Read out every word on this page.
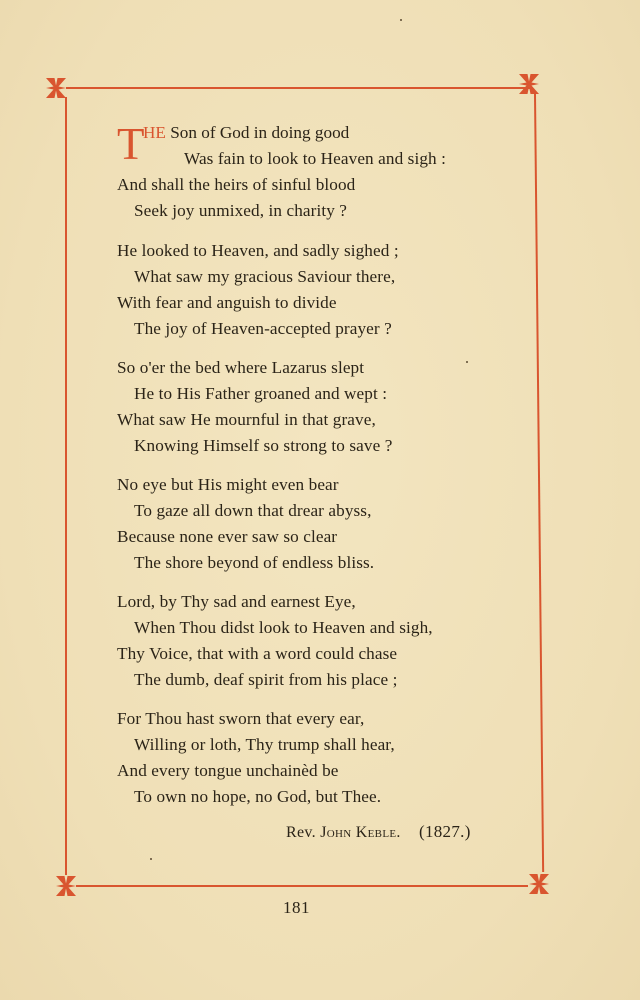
T
HE Son of God in doing good
Was fain to look to Heaven and sigh :
And shall the heirs of sinful blood
Seek joy unmixed, in charity ?
He looked to Heaven, and sadly sighed ;
What saw my gracious Saviour there,
With fear and anguish to divide
The joy of Heaven-accepted prayer ?
So o'er the bed where Lazarus slept
He to His Father groaned and wept :
What saw He mournful in that grave,
Knowing Himself so strong to save ?
No eye but His might even bear
To gaze all down that drear abyss,
Because none ever saw so clear
The shore beyond of endless bliss.
Lord, by Thy sad and earnest Eye,
When Thou didst look to Heaven and sigh,
Thy Voice, that with a word could chase
The dumb, deaf spirit from his place ;
For Thou hast sworn that every ear,
Willing or loth, Thy trump shall hear,
And every tongue unchainèd be
To own no hope, no God, but Thee.
Rev. John Keble. (1827.)
181
